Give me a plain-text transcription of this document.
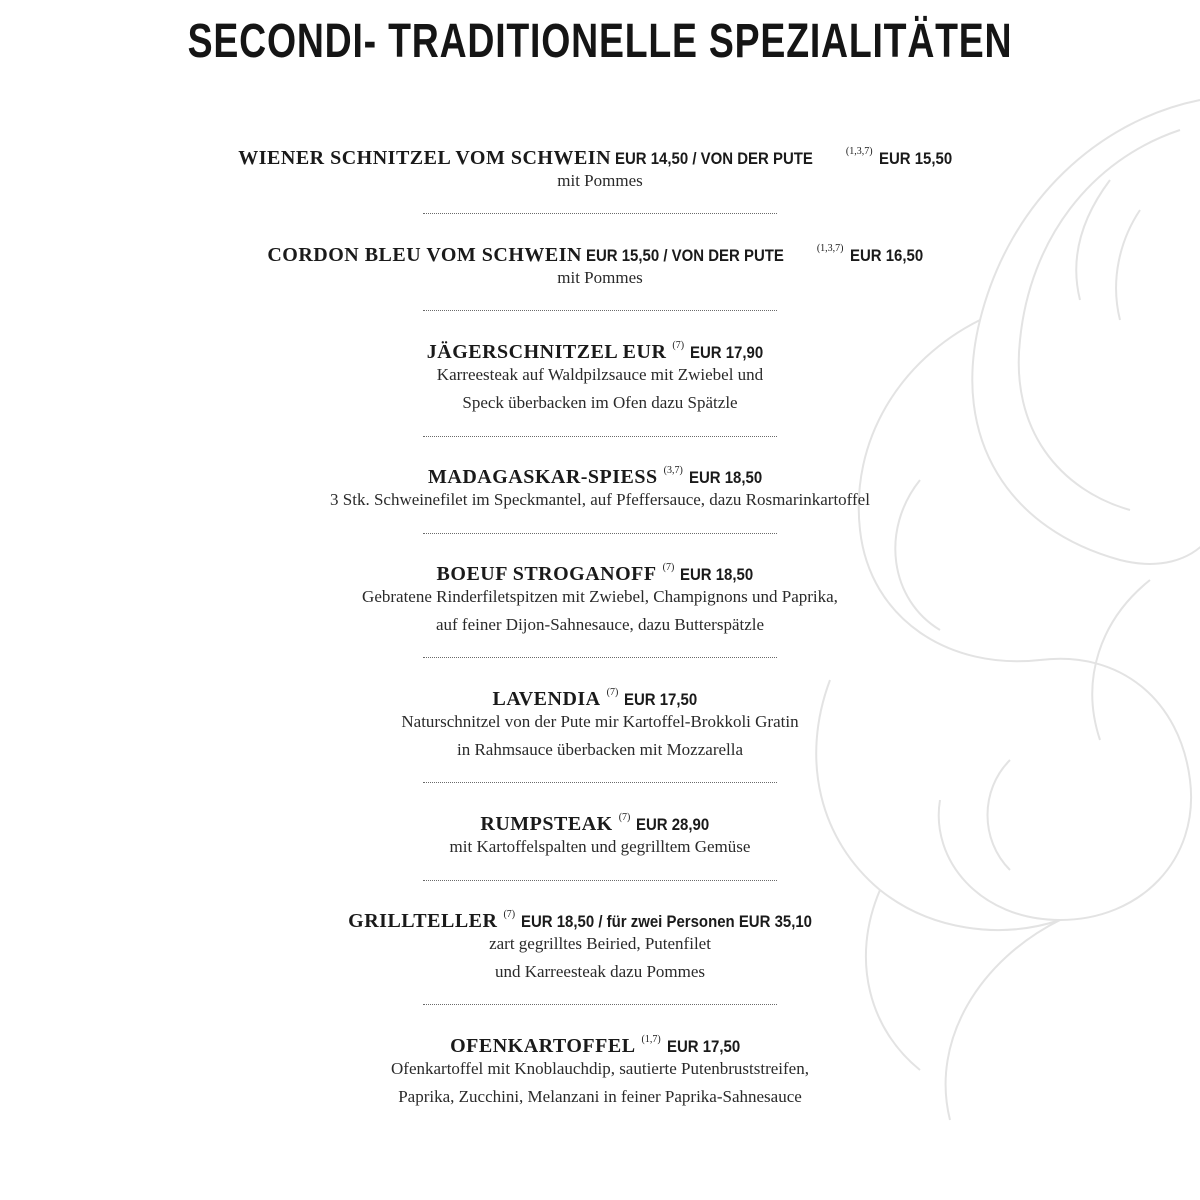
SECONDI- TRADITIONELLE SPEZIALITÄTEN
WIENER SCHNITZEL VOM SCHWEIN EUR 14,50 / VON DER PUTE	$^{(1,3,7)}$ EUR 15,50

mit Pommes

CORDON BLEU VOM SCHWEIN EUR 15,50 / VON DER PUTE	$^{(1,3,7)}$ EUR 16,50

mit Pommes

JÄGERSCHNITZEL EUR $^{(7)}$ EUR 17,90

Karreesteak auf Waldpilzsauce mit Zwiebel und

Speck überbacken im Ofen dazu Spätzle

MADAGASKAR-SPIESS $^{(3,7)}$ EUR 18,50

3 Stk. Schweinefilet im Speckmantel, auf Pfeffersauce, dazu Rosmarinkartoffel

BOEUF STROGANOFF $^{(7)}$ EUR 18,50

Gebratene Rinderfiletspitzen mit Zwiebel, Champignons und Paprika,

auf feiner Dijon-Sahnesauce, dazu Butterspätzle

LAVENDIA $^{(7)}$ EUR 17,50

Naturschnitzel von der Pute mir Kartoffel-Brokkoli Gratin

in Rahmsauce überbacken mit Mozzarella

RUMPSTEAK $^{(7)}$ EUR 28,90

mit Kartoffelspalten und gegrilltem Gemüse

GRILLTELLER $^{(7)}$ EUR 18,50 / für zwei Personen EUR 35,10

zart gegrilltes Beiried, Putenfilet

und Karreesteak dazu Pommes

OFENKARTOFFEL $^{(1,7)}$ EUR 17,50

Ofenkartoffel mit Knoblauchdip, sautierte Putenbruststreifen,

Paprika, Zucchini, Melanzani in feiner Paprika-Sahnesauce
